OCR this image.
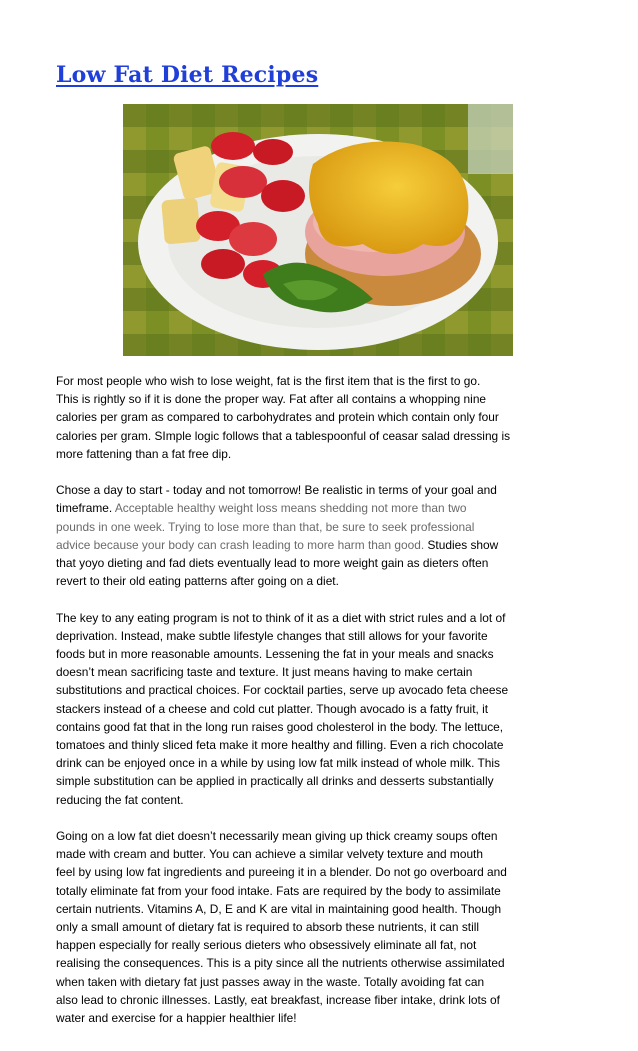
Low Fat Diet Recipes

For most people who wish to lose weight, fat is the first item that is the first to go.
This is rightly so if it is done the proper way. Fat after all contains a whopping nine
calories per gram as compared to carbohydrates and protein which contain only four
calories per gram. SImple logic follows that a tablespoonful of ceasar salad dressing is
more fattening than a fat free dip.

Chose a day to start - today and not tomorrow! Be realistic in terms of your goal and
timeframe. Acceptable healthy weight loss means shedding not more than two
pounds in one week. Trying to lose more than that, be sure to seek professional
advice because your body can crash leading to more harm than good. Studies show
that yoyo dieting and fad diets eventually lead to more weight gain as dieters often
revert to their old eating patterns after going on a diet.

The key to any eating program is not to think of it as a diet with strict rules and a lot of
deprivation. Instead, make subtle lifestyle changes that still allows for your favorite
foods but in more reasonable amounts. Lessening the fat in your meals and snacks
doesn’t mean sacrificing taste and texture. It just means having to make certain
substitutions and practical choices. For cocktail parties, serve up avocado feta cheese
stackers instead of a cheese and cold cut platter. Though avocado is a fatty fruit, it
contains good fat that in the long run raises good cholesterol in the body. The lettuce,
tomatoes and thinly sliced feta make it more healthy and filling. Even a rich chocolate
drink can be enjoyed once in a while by using low fat milk instead of whole milk. This
simple substitution can be applied in practically all drinks and desserts substantially
reducing the fat content.

Going on a low fat diet doesn’t necessarily mean giving up thick creamy soups often
made with cream and butter. You can achieve a similar velvety texture and mouth
feel by using low fat ingredients and pureeing it in a blender. Do not go overboard and
totally eliminate fat from your food intake. Fats are required by the body to assimilate
certain nutrients. Vitamins A, D, E and K are vital in maintaining good health. Though
only a small amount of dietary fat is required to absorb these nutrients, it can still
happen especially for really serious dieters who obsessively eliminate all fat, not
realising the consequences. This is a pity since all the nutrients otherwise assimilated
when taken with dietary fat just passes away in the waste. Totally avoiding fat can
also lead to chronic illnesses. Lastly, eat breakfast, increase fiber intake, drink lots of
water and exercise for a happier healthier life!
